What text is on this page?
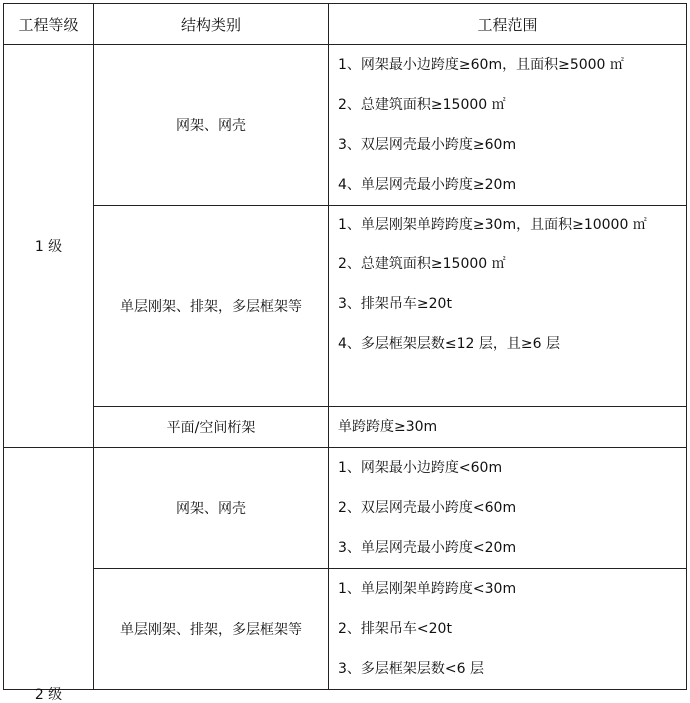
工程等级	结构类别	工程范围
1 级	网架、网壳	1、网架最小边跨度≥60m，且面积≥5000 ㎡
2、总建筑面积≥15000 ㎡
3、双层网壳最小跨度≥60m
4、单层网壳最小跨度≥20m

	单层刚架、排架，多层框架等	1、单层刚架单跨跨度≥30m，且面积≥10000 ㎡
2、总建筑面积≥15000 ㎡
3、排架吊车≥20t
4、多层框架层数≤12 层，且≥6 层

	平面/空间桁架	单跨跨度≥30m

2 级	网架、网壳	1、网架最小边跨度<60m
2、双层网壳最小跨度<60m
3、单层网壳最小跨度<20m

	单层刚架、排架，多层框架等	1、单层刚架单跨跨度<30m
2、排架吊车<20t
3、多层框架层数<6 层
